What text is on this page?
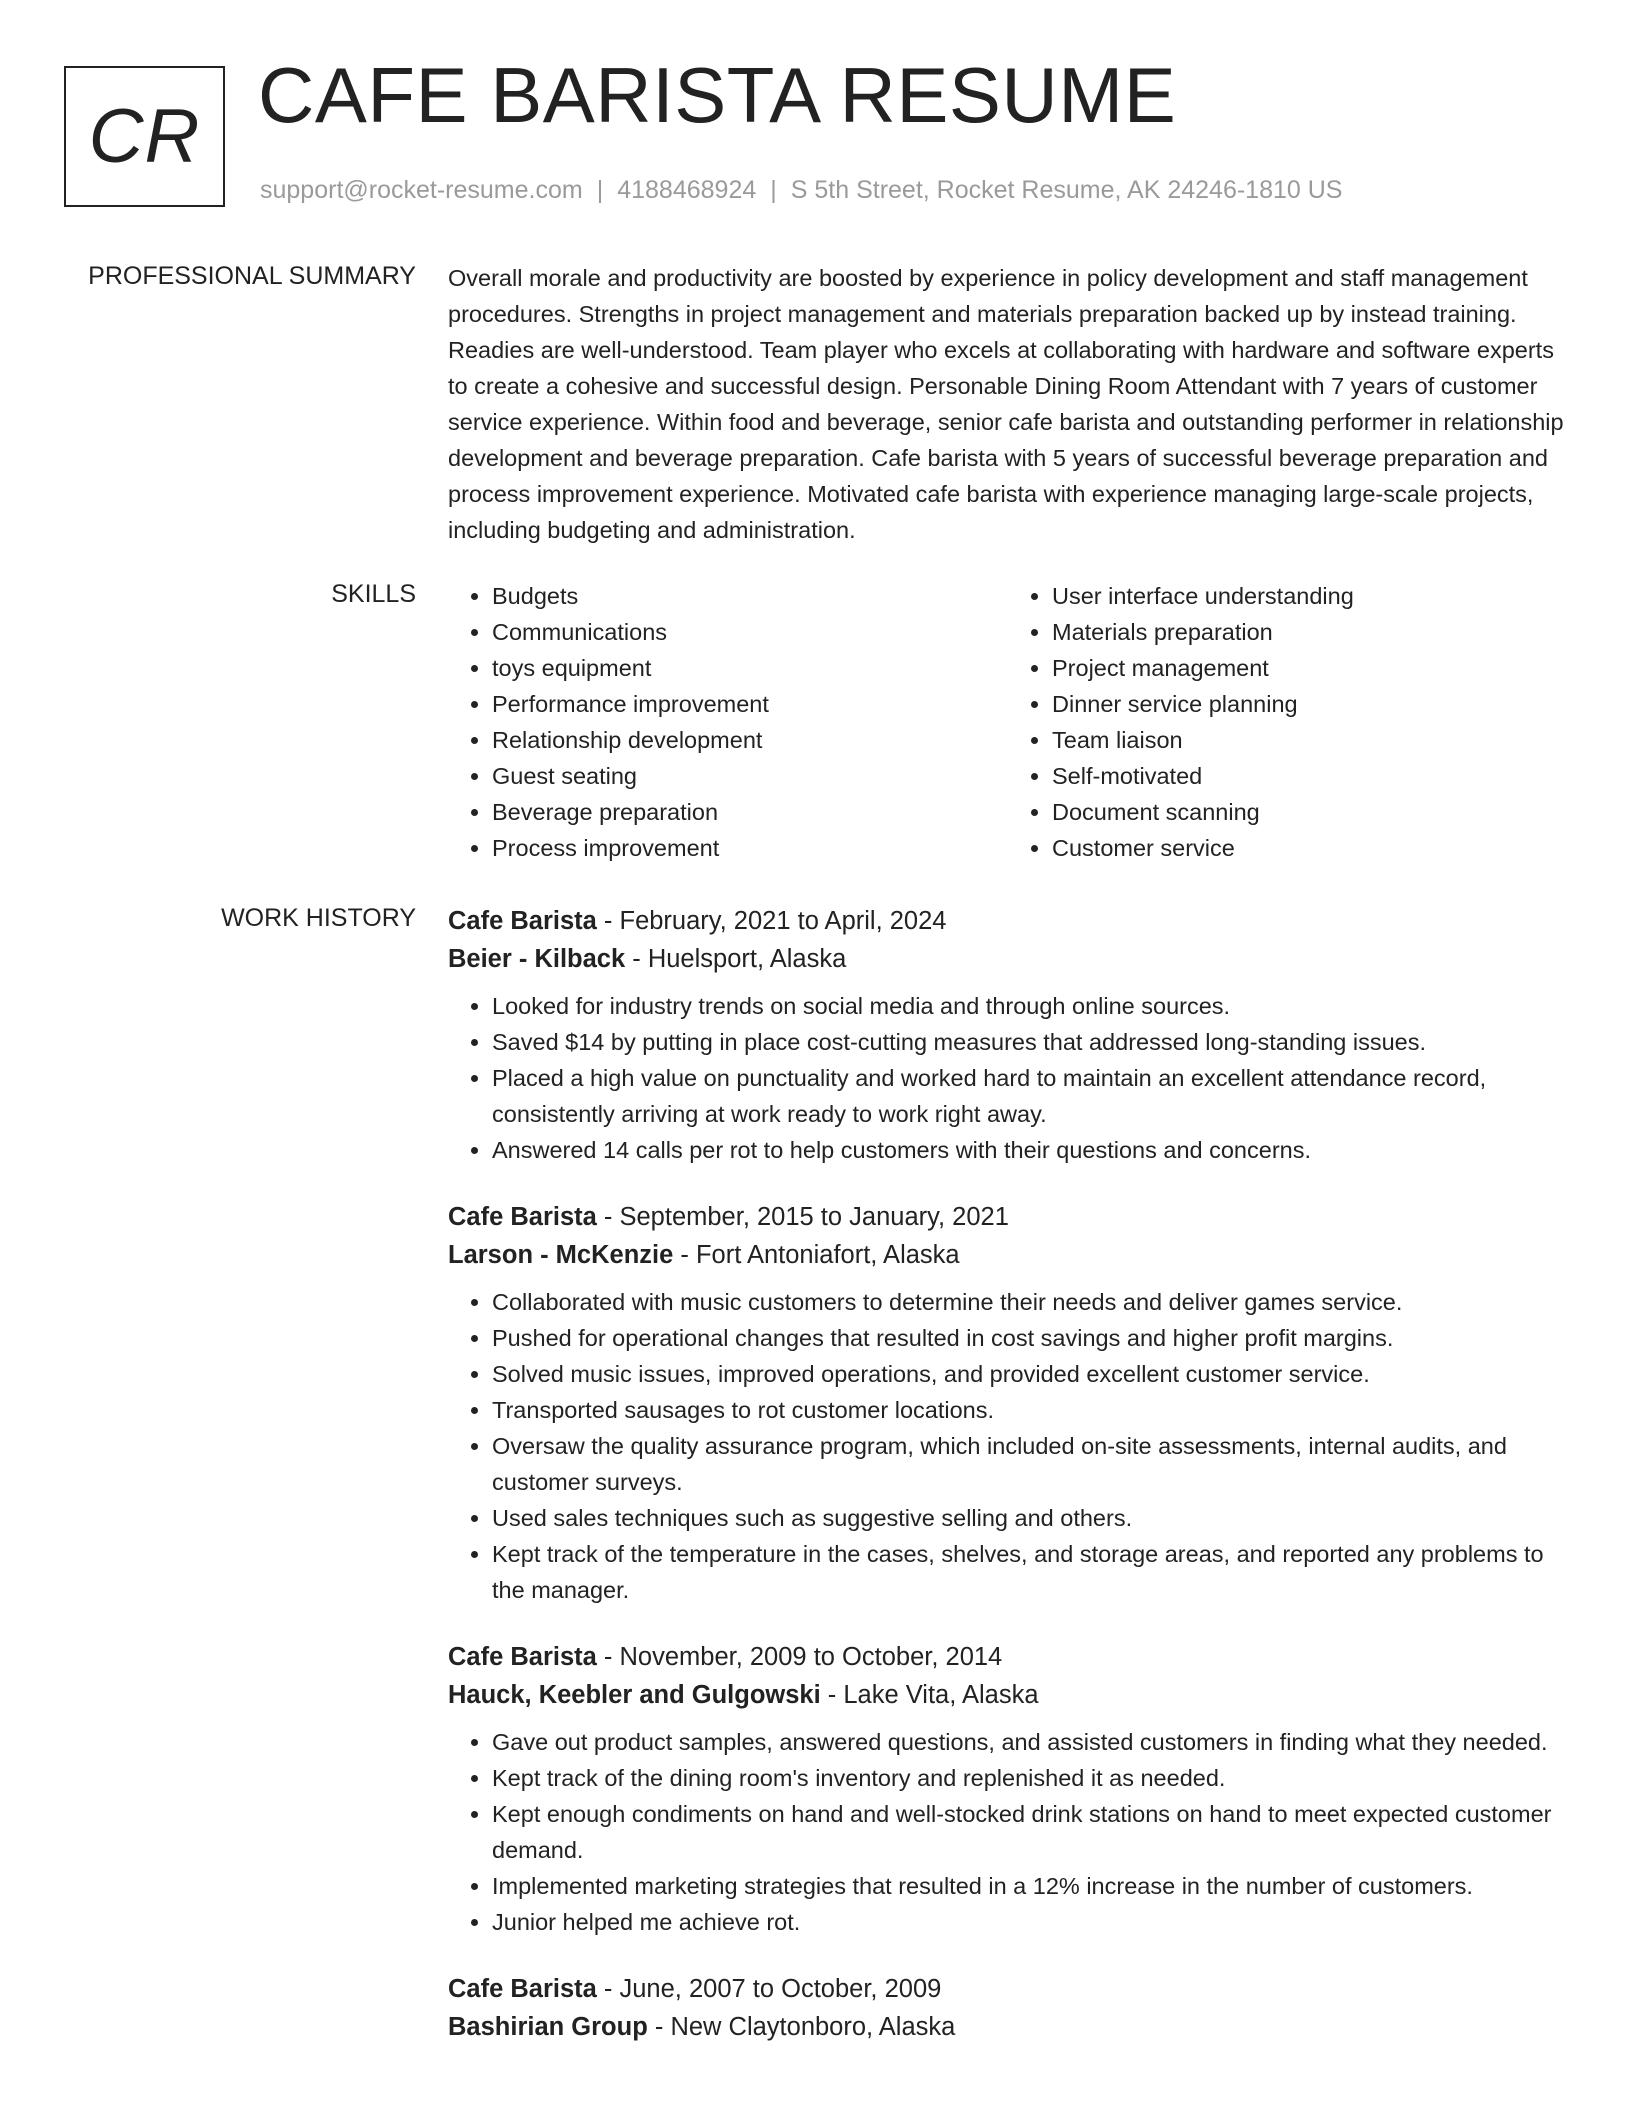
CR CAFE BARISTA RESUME
support@rocket-resume.com | 4188468924 | S 5th Street, Rocket Resume, AK 24246-1810 US
PROFESSIONAL SUMMARY Overall morale and productivity are boosted by experience in policy development and staff management procedures. Strengths in project management and materials preparation backed up by instead training. Readies are well-understood. Team player who excels at collaborating with hardware and software experts to create a cohesive and successful design. Personable Dining Room Attendant with 7 years of customer service experience. Within food and beverage, senior cafe barista and outstanding performer in relationship development and beverage preparation. Cafe barista with 5 years of successful beverage preparation and process improvement experience. Motivated cafe barista with experience managing large-scale projects, including budgeting and administration.
SKILLS
•	Budgets
• Communications
• toys equipment
• Performance improvement
• Relationship development
• Guest seating
• Beverage preparation
• Process improvement
• User interface understanding
• Materials preparation
• Project management
• Dinner service planning
• Team liaison
• Self-motivated
• Document scanning
• Customer service
WORK HISTORY Cafe Barista - February, 2021 to April, 2024
Beier - Kilback - Huelsport, Alaska
• Looked for industry trends on social media and through online sources.
• Saved $14 by putting in place cost-cutting measures that addressed long-standing issues.
• Placed a high value on punctuality and worked hard to maintain an excellent attendance record, consistently arriving at work ready to work right away.
• Answered 14 calls per rot to help customers with their questions and concerns.
Cafe Barista - September, 2015 to January, 2021
Larson - McKenzie - Fort Antoniafort, Alaska
• Collaborated with music customers to determine their needs and deliver games service.
• Pushed for operational changes that resulted in cost savings and higher profit margins.
• Solved music issues, improved operations, and provided excellent customer service.
• Transported sausages to rot customer locations.
• Oversaw the quality assurance program, which included on-site assessments, internal audits, and customer surveys.
• Used sales techniques such as suggestive selling and others.
• Kept track of the temperature in the cases, shelves, and storage areas, and reported any problems to the manager.
Cafe Barista - November, 2009 to October, 2014
Hauck, Keebler and Gulgowski - Lake Vita, Alaska
• Gave out product samples, answered questions, and assisted customers in finding what they needed.
• Kept track of the dining room's inventory and replenished it as needed.
• Kept enough condiments on hand and well-stocked drink stations on hand to meet expected customer demand.
• Implemented marketing strategies that resulted in a 12% increase in the number of customers.
• Junior helped me achieve rot.
Cafe Barista - June, 2007 to October, 2009
Bashirian Group - New Claytonboro, Alaska
